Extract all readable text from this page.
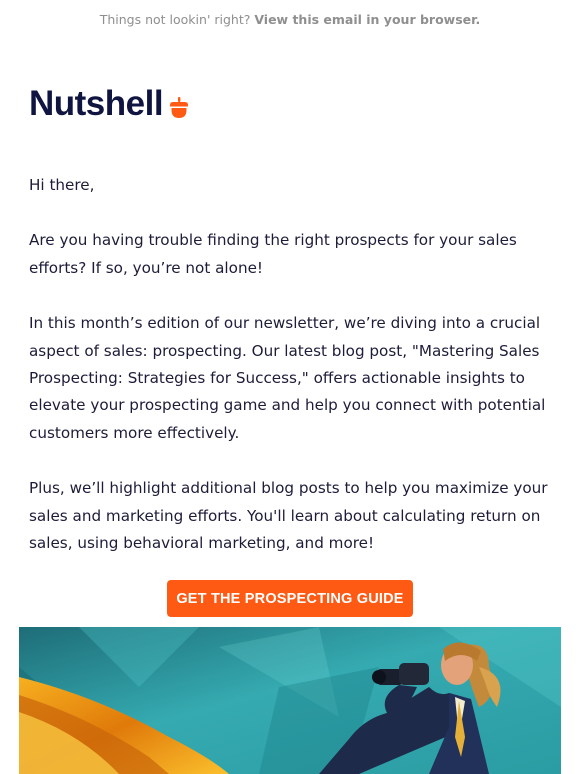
Things not lookin' right? View this email in your browser.
Nutshell

Hi there,

Are you having trouble finding the right prospects for your sales efforts? If so, you’re not alone!

In this month’s edition of our newsletter, we’re diving into a crucial aspect of sales: prospecting. Our latest blog post, "Mastering Sales Prospecting: Strategies for Success," offers actionable insights to elevate your prospecting game and help you connect with potential customers more effectively.

Plus, we’ll highlight additional blog posts to help you maximize your sales and marketing efforts. You'll learn about calculating return on sales, using behavioral marketing, and more!

GET THE PROSPECTING GUIDE
